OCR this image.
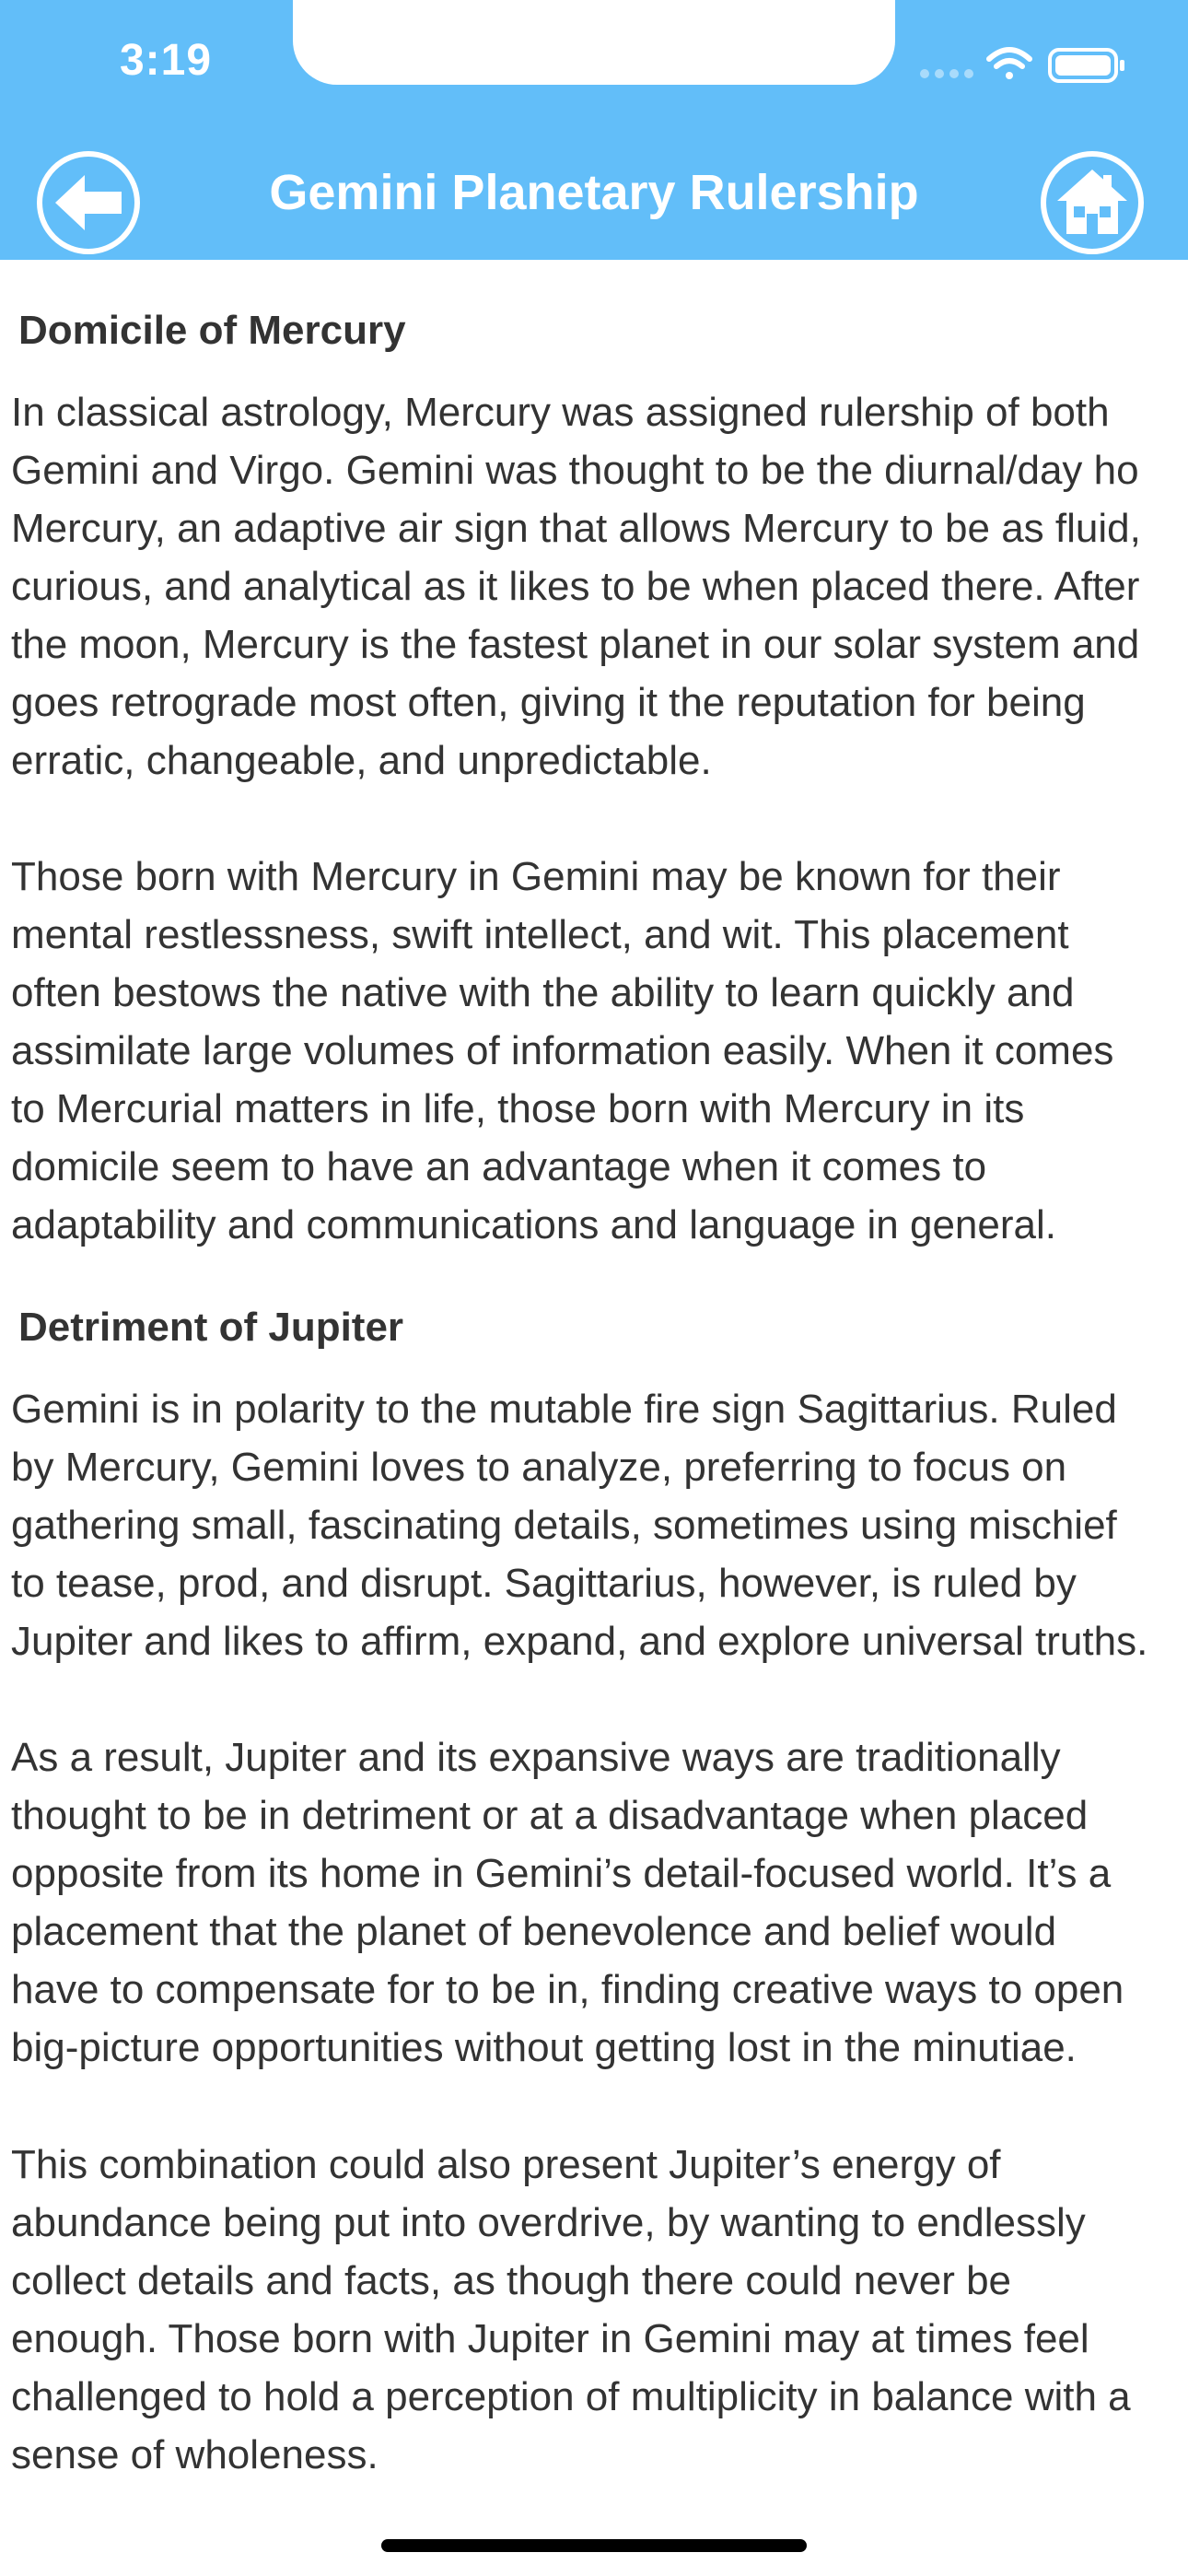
3:19
Gemini Planetary Rulership
Domicile of Mercury
In classical astrology, Mercury was assigned rulership of both
Gemini and Virgo. Gemini was thought to be the diurnal/day ho
Mercury, an adaptive air sign that allows Mercury to be as fluid,
curious, and analytical as it likes to be when placed there. After
the moon, Mercury is the fastest planet in our solar system and
goes retrograde most often, giving it the reputation for being
erratic, changeable, and unpredictable.
Those born with Mercury in Gemini may be known for their
mental restlessness, swift intellect, and wit. This placement
often bestows the native with the ability to learn quickly and
assimilate large volumes of information easily. When it comes
to Mercurial matters in life, those born with Mercury in its
domicile seem to have an advantage when it comes to
adaptability and communications and language in general.
Detriment of Jupiter
Gemini is in polarity to the mutable fire sign Sagittarius. Ruled
by Mercury, Gemini loves to analyze, preferring to focus on
gathering small, fascinating details, sometimes using mischief
to tease, prod, and disrupt. Sagittarius, however, is ruled by
Jupiter and likes to affirm, expand, and explore universal truths.
As a result, Jupiter and its expansive ways are traditionally
thought to be in detriment or at a disadvantage when placed
opposite from its home in Gemini’s detail-focused world. It’s a
placement that the planet of benevolence and belief would
have to compensate for to be in, finding creative ways to open
big-picture opportunities without getting lost in the minutiae.
This combination could also present Jupiter’s energy of
abundance being put into overdrive, by wanting to endlessly
collect details and facts, as though there could never be
enough. Those born with Jupiter in Gemini may at times feel
challenged to hold a perception of multiplicity in balance with a
sense of wholeness.
